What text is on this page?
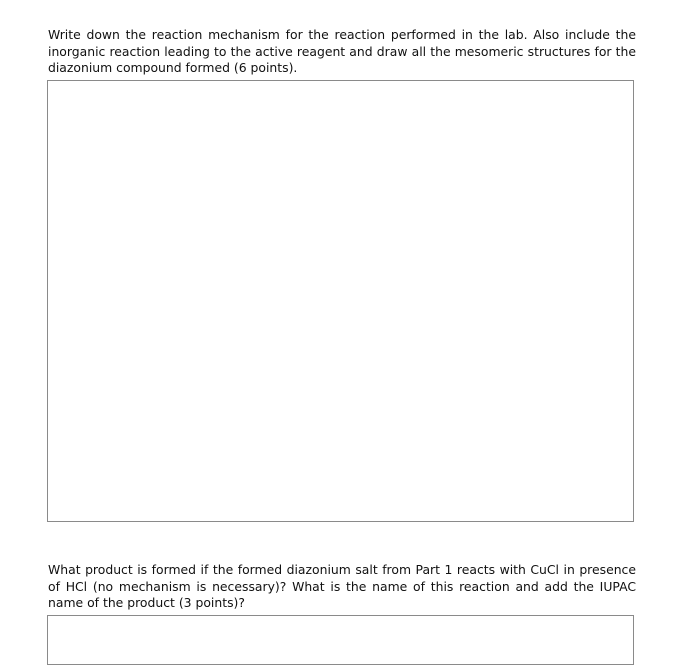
Write down the reaction mechanism for the reaction performed in the lab. Also include the inorganic reaction leading to the active reagent and draw all the mesomeric structures for the diazonium compound formed (6 points).

What product is formed if the formed diazonium salt from Part 1 reacts with CuCl in presence of HCl (no mechanism is necessary)? What is the name of this reaction and add the IUPAC name of the product (3 points)?
